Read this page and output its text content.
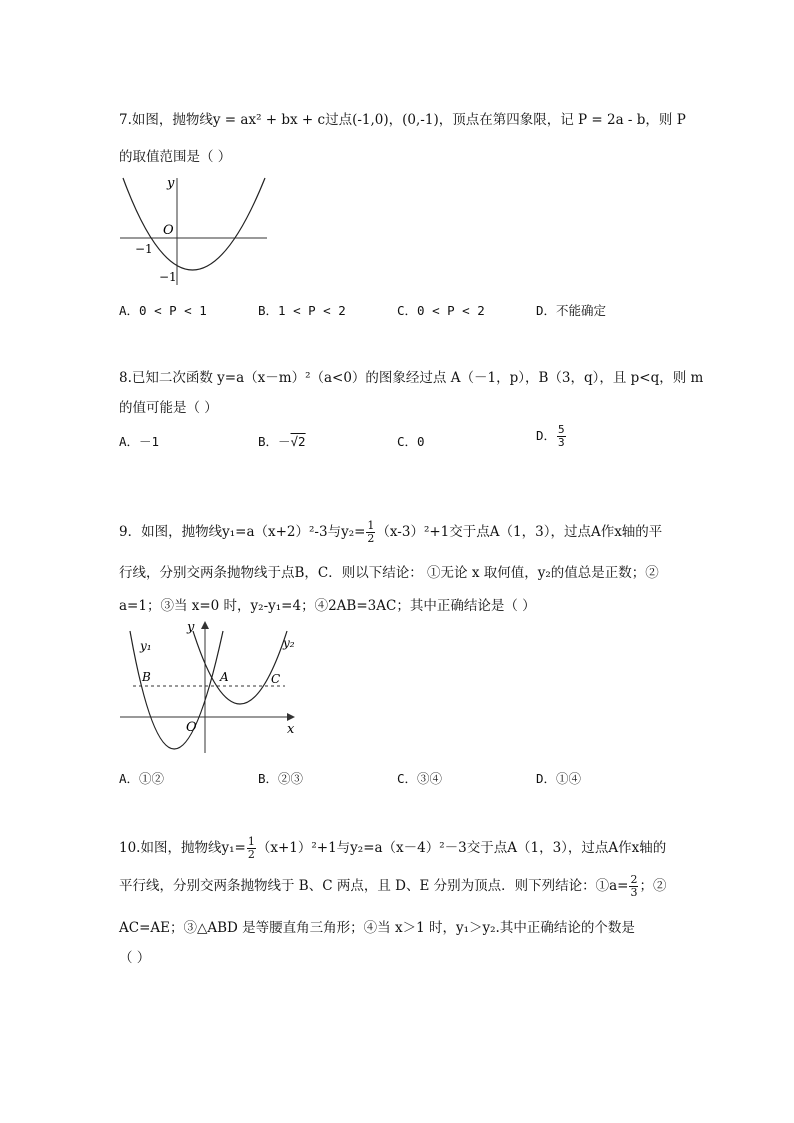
7.如图，抛物线y = ax² + bx + c过点(-1,0)，(0,-1)，顶点在第四象限，记 P = 2a - b，则 P
的取值范围是（ ）
y
O
−1
−1
A．0 < P < 1	B．1 < P < 2	C．0 < P < 2	D．不能确定
8.已知二次函数 y=a（x－m）²（a<0）的图象经过点 A（－1，p），B（3，q），且 p<q，则 m
的值可能是（ ）
A．－1	B．－√2	C．0	D． $\frac{5}{3}$
9．如图，抛物线y₁=a（x+2）²-3与$y_2= \frac{1}{2} (x-3)^2+1$交于点A（1，3），过点A作x轴的平
行线，分别交两条抛物线于点B，C．则以下结论： ①无论 x 取何值，y₂的值总是正数；②
a=1；③当 x=0 时，y₂-y₁=4；④2AB=3AC；其中正确结论是（ ）
y₁	y₂
y
x
O
A
B	C
A．①②	B．②③	C．③④	D．①④
10.如图，抛物线$y_1= \frac{1}{2} (x+1)^2+1$与y₂=a（x－4）²－3交于点A（1，3），过点A作x轴的
平行线，分别交两条抛物线于 B、C 两点，且 D、E 分别为顶点．则下列结论：①a= $\frac{2}{3}$ ；②
AC=AE；③△ABD 是等腰直角三角形；④当 x＞1 时，y₁＞y₂.其中正确结论的个数是
（ ）
